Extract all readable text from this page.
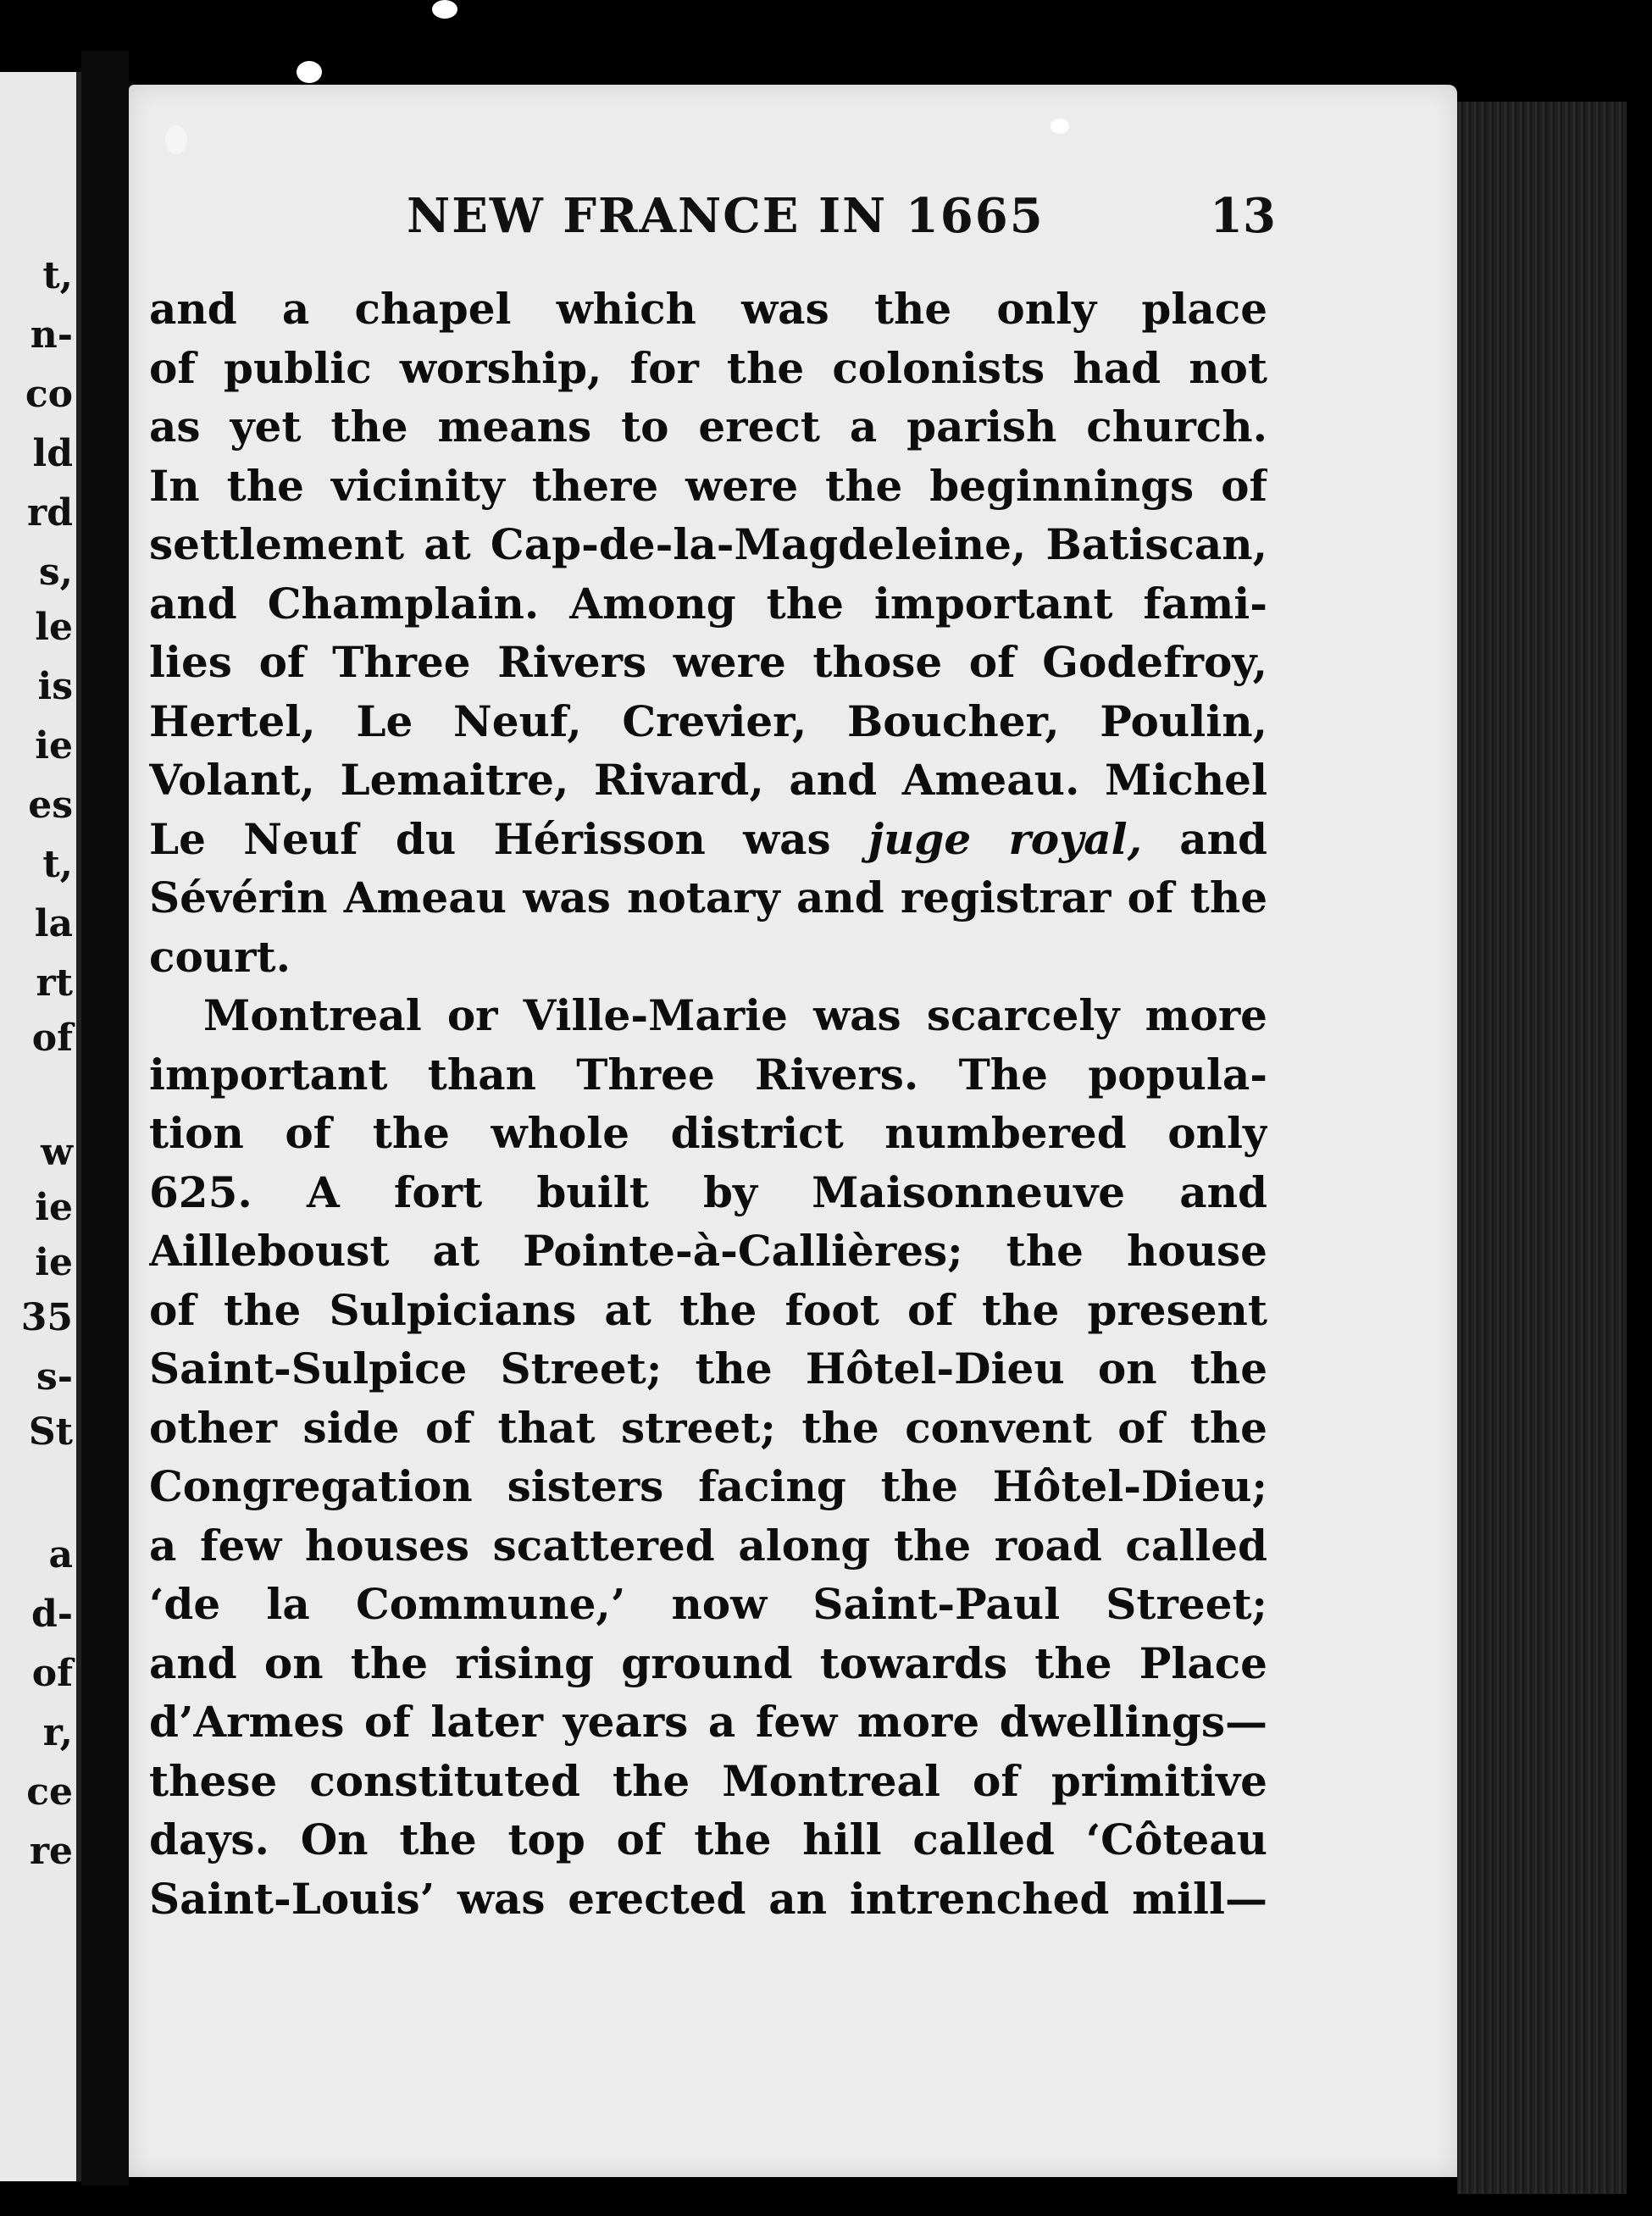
t,
n-
co
ld
rd
s,
le
is
ie
es
t,
la
rt
of
w
ie
ie
35
s-
St
a
d-
of
r,
ce
re
NEW FRANCE IN 1665	13
and a chapel which was the only place
of public worship, for the colonists had not
as yet the means to erect a parish church.
In the vicinity there were the beginnings of
settlement at Cap-de-la-Magdeleine, Batiscan,
and Champlain. Among the important fami-
lies of Three Rivers were those of Godefroy,
Hertel, Le Neuf, Crevier, Boucher, Poulin,
Volant, Lemaitre, Rivard, and Ameau. Michel
Le Neuf du Hérisson was juge royal, and
Sévérin Ameau was notary and registrar of the
court.
Montreal or Ville-Marie was scarcely more
important than Three Rivers. The popula-
tion of the whole district numbered only
625. A fort built by Maisonneuve and
Ailleboust at Pointe-à-Callières; the house
of the Sulpicians at the foot of the present
Saint-Sulpice Street; the Hôtel-Dieu on the
other side of that street; the convent of the
Congregation sisters facing the Hôtel-Dieu;
a few houses scattered along the road called
‘de la Commune,’ now Saint-Paul Street;
and on the rising ground towards the Place
d’Armes of later years a few more dwellings—
these constituted the Montreal of primitive
days. On the top of the hill called ‘Côteau
Saint-Louis’ was erected an intrenched mill—
